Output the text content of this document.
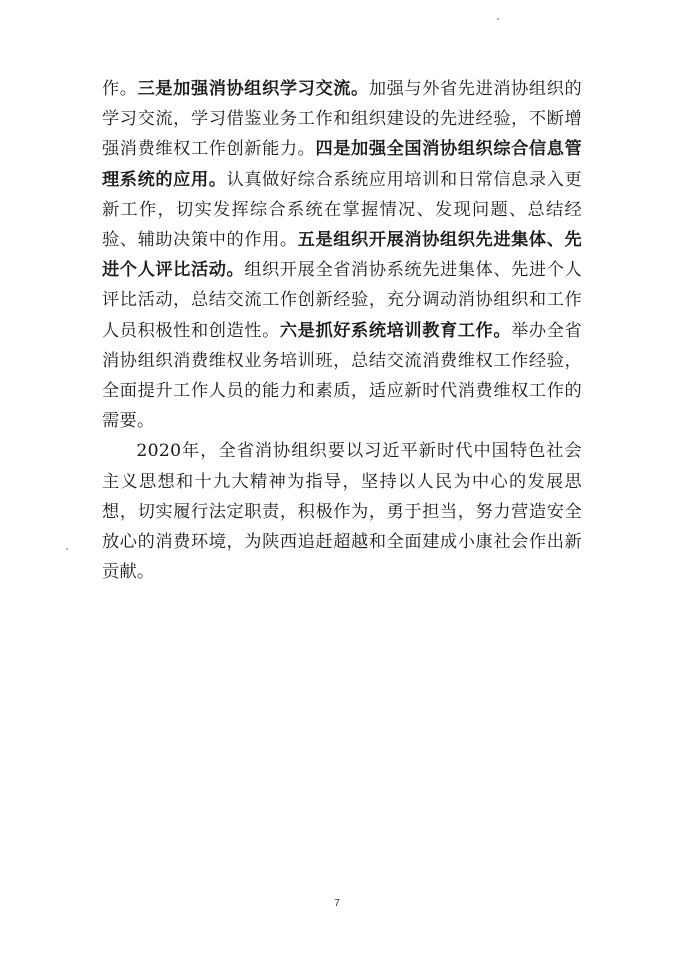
作。三是加强消协组织学习交流。加强与外省先进消协组织的学习交流，学习借鉴业务工作和组织建设的先进经验，不断增强消费维权工作创新能力。四是加强全国消协组织综合信息管理系统的应用。认真做好综合系统应用培训和日常信息录入更新工作，切实发挥综合系统在掌握情况、发现问题、总结经验、辅助决策中的作用。五是组织开展消协组织先进集体、先进个人评比活动。组织开展全省消协系统先进集体、先进个人评比活动，总结交流工作创新经验，充分调动消协组织和工作人员积极性和创造性。六是抓好系统培训教育工作。举办全省消协组织消费维权业务培训班，总结交流消费维权工作经验，全面提升工作人员的能力和素质，适应新时代消费维权工作的需要。

2020年，全省消协组织要以习近平新时代中国特色社会主义思想和十九大精神为指导，坚持以人民为中心的发展思想，切实履行法定职责，积极作为，勇于担当，努力营造安全放心的消费环境，为陕西追赶超越和全面建成小康社会作出新贡献。

7
